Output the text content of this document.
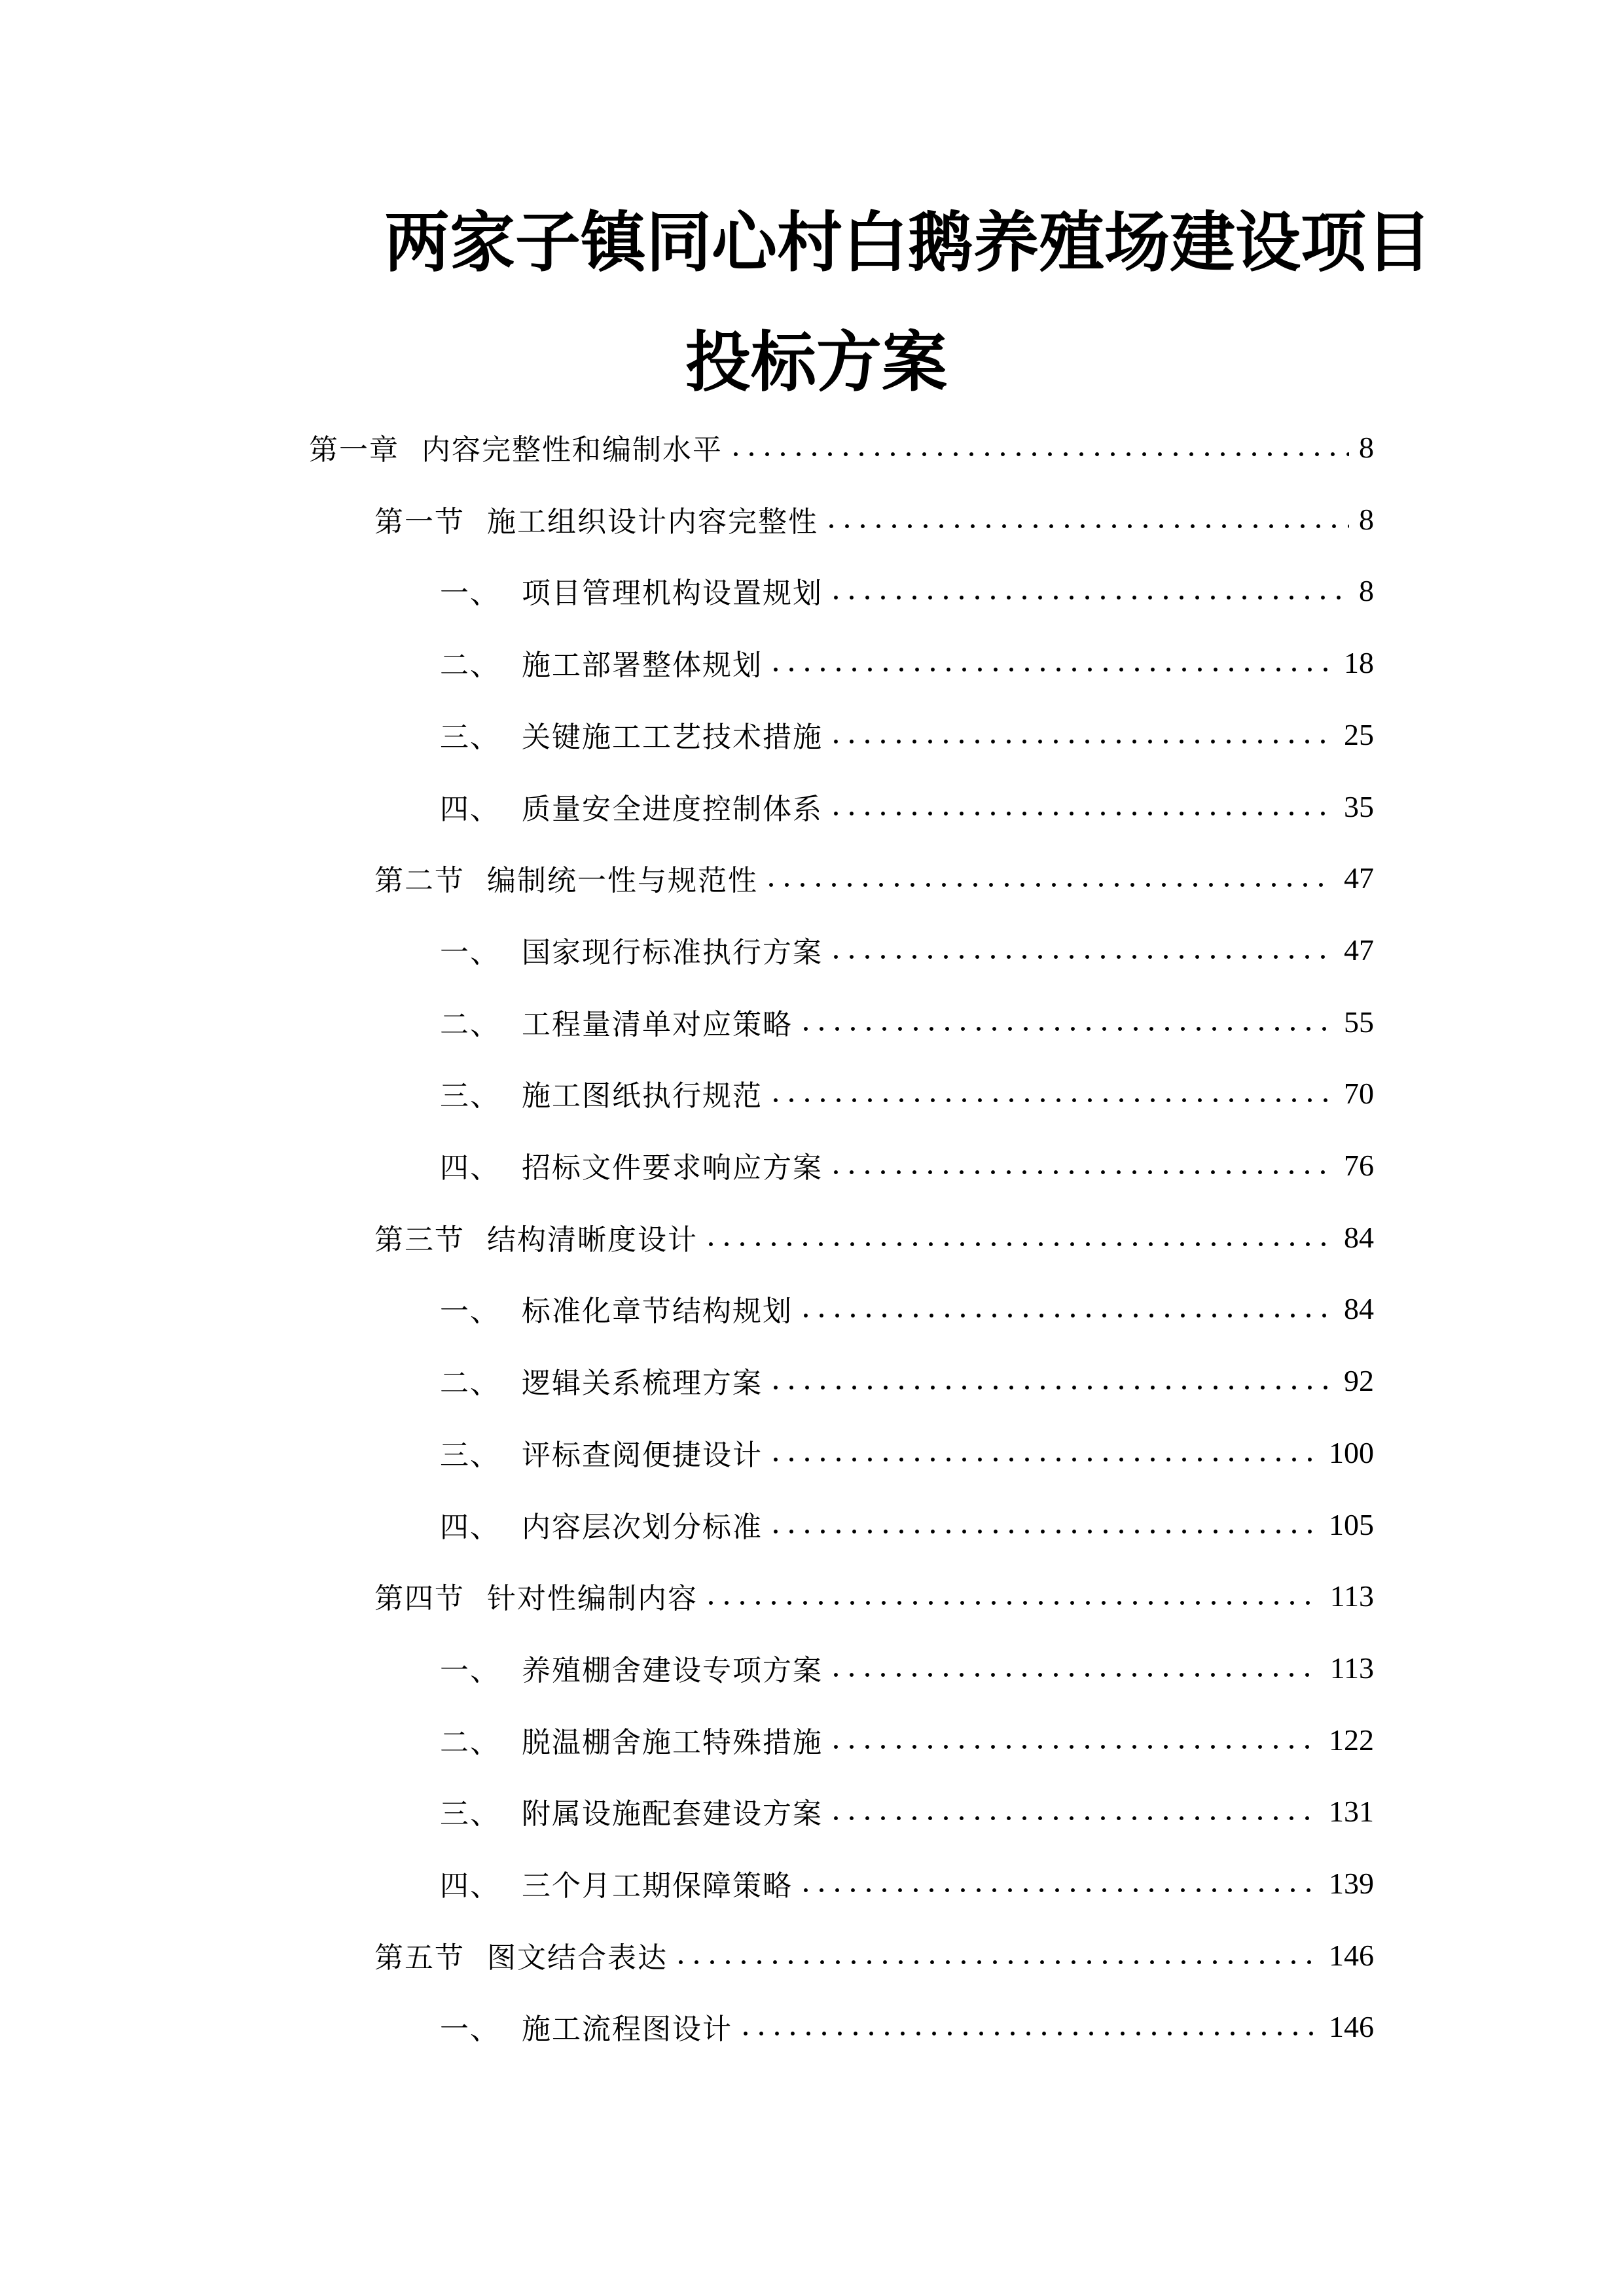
两家子镇同心村白鹅养殖场建设项目
投标方案
第一章 内容完整性和编制水平	8
第一节 施工组织设计内容完整性	8
一、 项目管理机构设置规划	8
二、 施工部署整体规划	18
三、 关键施工工艺技术措施	25
四、 质量安全进度控制体系	35
第二节 编制统一性与规范性	47
一、 国家现行标准执行方案	47
二、 工程量清单对应策略	55
三、 施工图纸执行规范	70
四、 招标文件要求响应方案	76
第三节 结构清晰度设计	84
一、 标准化章节结构规划	84
二、 逻辑关系梳理方案	92
三、 评标查阅便捷设计	100
四、 内容层次划分标准	105
第四节 针对性编制内容	113
一、 养殖棚舍建设专项方案	113
二、 脱温棚舍施工特殊措施	122
三、 附属设施配套建设方案	131
四、 三个月工期保障策略	139
第五节 图文结合表达	146
一、 施工流程图设计	146
